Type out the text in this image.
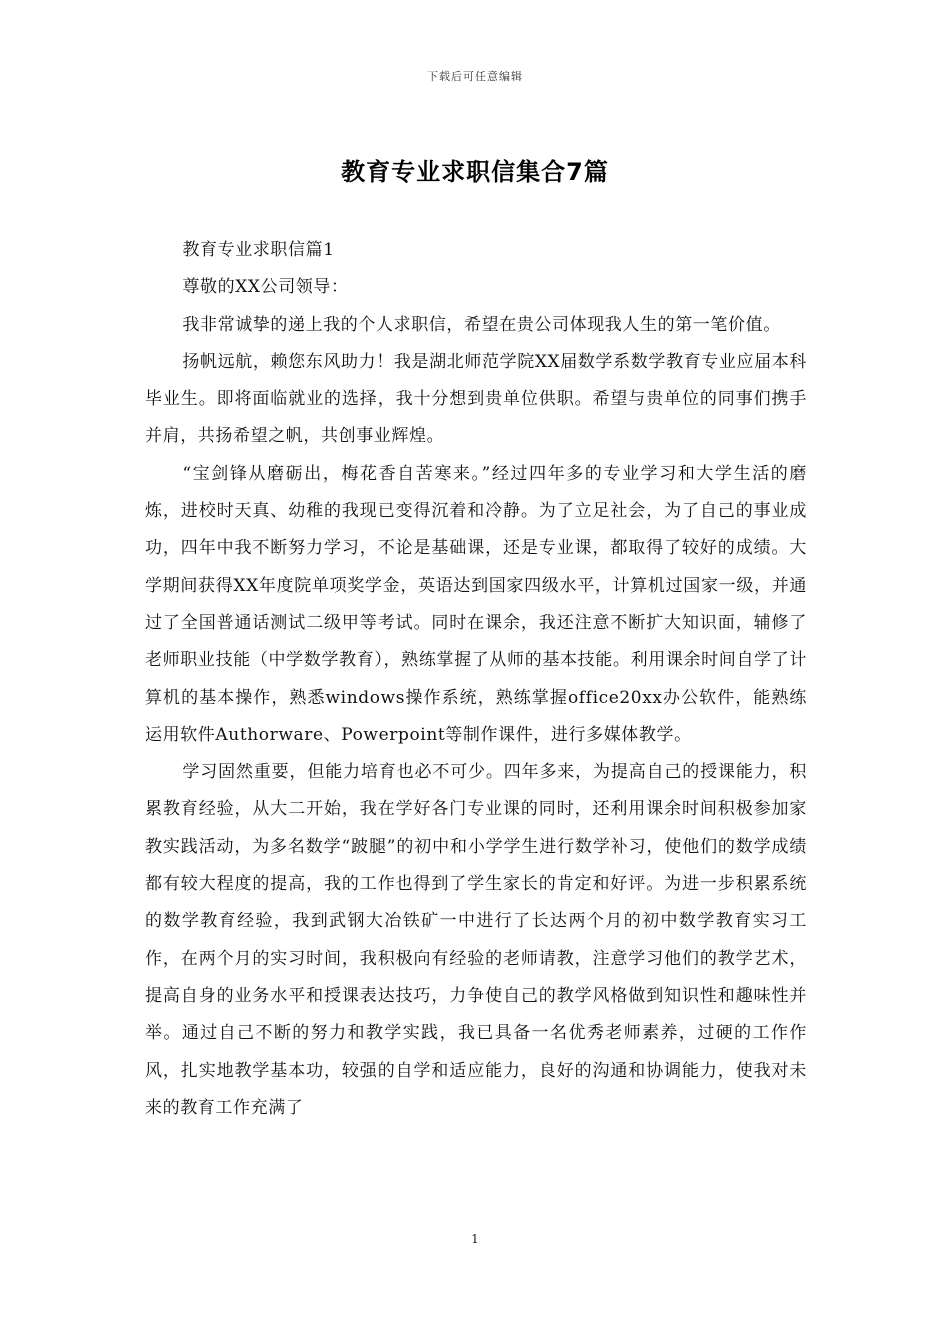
下载后可任意编辑
教育专业求职信集合7篇

教育专业求职信篇1

尊敬的XX公司领导：

我非常诚挚的递上我的个人求职信，希望在贵公司体现我人生的第一笔价值。

扬帆远航，赖您东风助力！我是湖北师范学院XX届数学系数学教育专业应届本科毕业生。即将面临就业的选择，我十分想到贵单位供职。希望与贵单位的同事们携手并肩，共扬希望之帆，共创事业辉煌。

“宝剑锋从磨砺出，梅花香自苦寒来。”经过四年多的专业学习和大学生活的磨炼，进校时天真、幼稚的我现已变得沉着和冷静。为了立足社会，为了自己的事业成功，四年中我不断努力学习，不论是基础课，还是专业课，都取得了较好的成绩。大学期间获得XX年度院单项奖学金，英语达到国家四级水平，计算机过国家一级，并通过了全国普通话测试二级甲等考试。同时在课余，我还注意不断扩大知识面，辅修了老师职业技能（中学数学教育），熟练掌握了从师的基本技能。利用课余时间自学了计算机的基本操作，熟悉windows操作系统，熟练掌握office20xx办公软件，能熟练运用软件Authorware、Powerpoint等制作课件，进行多媒体教学。

学习固然重要，但能力培育也必不可少。四年多来，为提高自己的授课能力，积累教育经验，从大二开始，我在学好各门专业课的同时，还利用课余时间积极参加家教实践活动，为多名数学“跛腿”的初中和小学学生进行数学补习，使他们的数学成绩都有较大程度的提高，我的工作也得到了学生家长的肯定和好评。为进一步积累系统的数学教育经验，我到武钢大冶铁矿一中进行了长达两个月的初中数学教育实习工作，在两个月的实习时间，我积极向有经验的老师请教，注意学习他们的教学艺术，提高自身的业务水平和授课表达技巧，力争使自己的教学风格做到知识性和趣味性并举。通过自己不断的努力和教学实践，我已具备一名优秀老师素养，过硬的工作作风，扎实地教学基本功，较强的自学和适应能力，良好的沟通和协调能力，使我对未来的教育工作充满了

1
